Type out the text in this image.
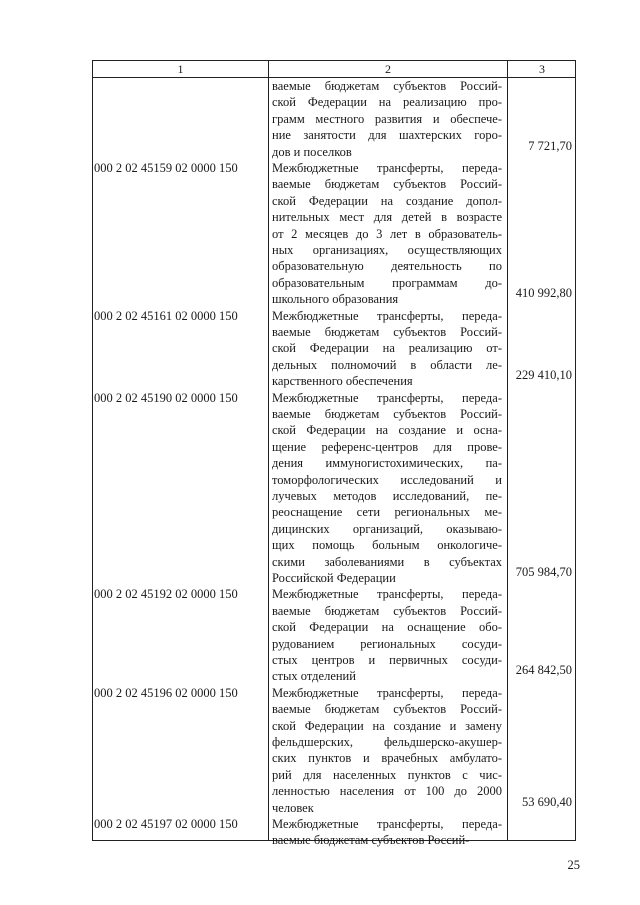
1	2	3
ваемые бюджетам субъектов Россий-
ской Федерации на реализацию про-
грамм местного развития и обеспече-
ние занятости для шахтерских горо-
дов и поселков	7 721,70
000 2 02 45159 02 0000 150	Межбюджетные трансферты, переда-
ваемые бюджетам субъектов Россий-
ской Федерации на создание допол-
нительных мест для детей в возрасте
от 2 месяцев до 3 лет в образователь-
ных организациях, осуществляющих
образовательную деятельность по
образовательным программам до-
школьного образования	410 992,80
000 2 02 45161 02 0000 150	Межбюджетные трансферты, переда-
ваемые бюджетам субъектов Россий-
ской Федерации на реализацию от-
дельных полномочий в области ле-
карственного обеспечения	229 410,10
000 2 02 45190 02 0000 150	Межбюджетные трансферты, переда-
ваемые бюджетам субъектов Россий-
ской Федерации на создание и осна-
щение референс-центров для прове-
дения иммуногистохимических, па-
томорфологических исследований и
лучевых методов исследований, пе-
реоснащение сети региональных ме-
дицинских организаций, оказываю-
щих помощь больным онкологиче-
скими заболеваниями в субъектах
Российской Федерации	705 984,70
000 2 02 45192 02 0000 150	Межбюджетные трансферты, переда-
ваемые бюджетам субъектов Россий-
ской Федерации на оснащение обо-
рудованием региональных сосуди-
стых центров и первичных сосуди-
стых отделений	264 842,50
000 2 02 45196 02 0000 150	Межбюджетные трансферты, переда-
ваемые бюджетам субъектов Россий-
ской Федерации на создание и замену
фельдшерских, фельдшерско-акушер-
ских пунктов и врачебных амбулато-
рий для населенных пунктов с чис-
ленностью населения от 100 до 2000
человек	53 690,40
000 2 02 45197 02 0000 150	Межбюджетные трансферты, переда-
ваемые бюджетам субъектов Россий-
25
